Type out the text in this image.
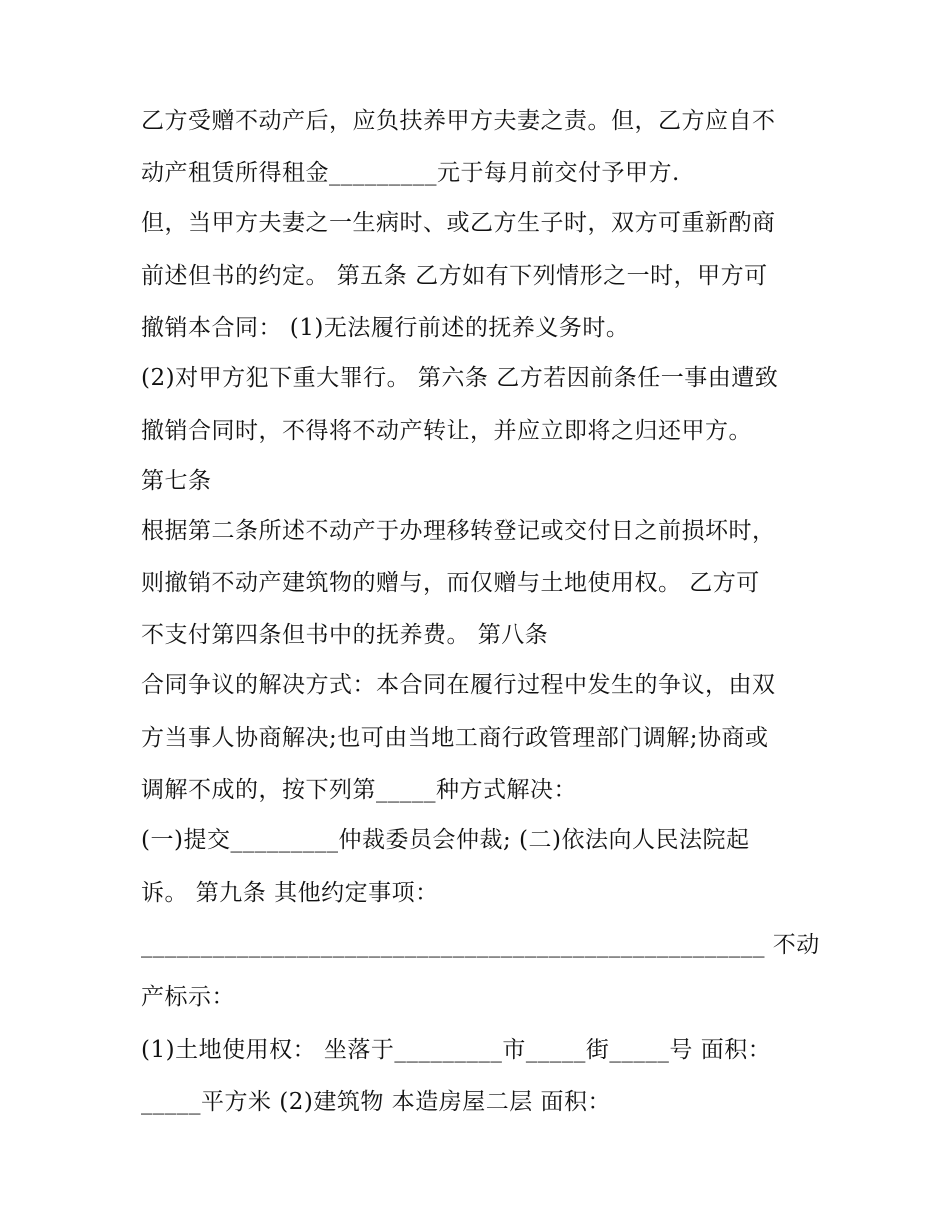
乙方受赠不动产后，应负扶养甲方夫妻之责。但，乙方应自不
动产租赁所得租金_________元于每月前交付予甲方.
但，当甲方夫妻之一生病时、或乙方生子时，双方可重新酌商
前述但书的约定。 第五条 乙方如有下列情形之一时，甲方可
撤销本合同： (1)无法履行前述的抚养义务时。
(2)对甲方犯下重大罪行。 第六条 乙方若因前条任一事由遭致
撤销合同时，不得将不动产转让，并应立即将之归还甲方。
第七条
根据第二条所述不动产于办理移转登记或交付日之前损坏时，
则撤销不动产建筑物的赠与，而仅赠与土地使用权。 乙方可
不支付第四条但书中的抚养费。 第八条
合同争议的解决方式：本合同在履行过程中发生的争议，由双
方当事人协商解决;也可由当地工商行政管理部门调解;协商或
调解不成的，按下列第_____种方式解决：
(一)提交_________仲裁委员会仲裁; (二)依法向人民法院起
诉。 第九条 其他约定事项：
____________________________________________________ 不动
产标示：
(1)土地使用权： 坐落于_________市_____街_____号 面积：
_____平方米 (2)建筑物 本造房屋二层 面积：
